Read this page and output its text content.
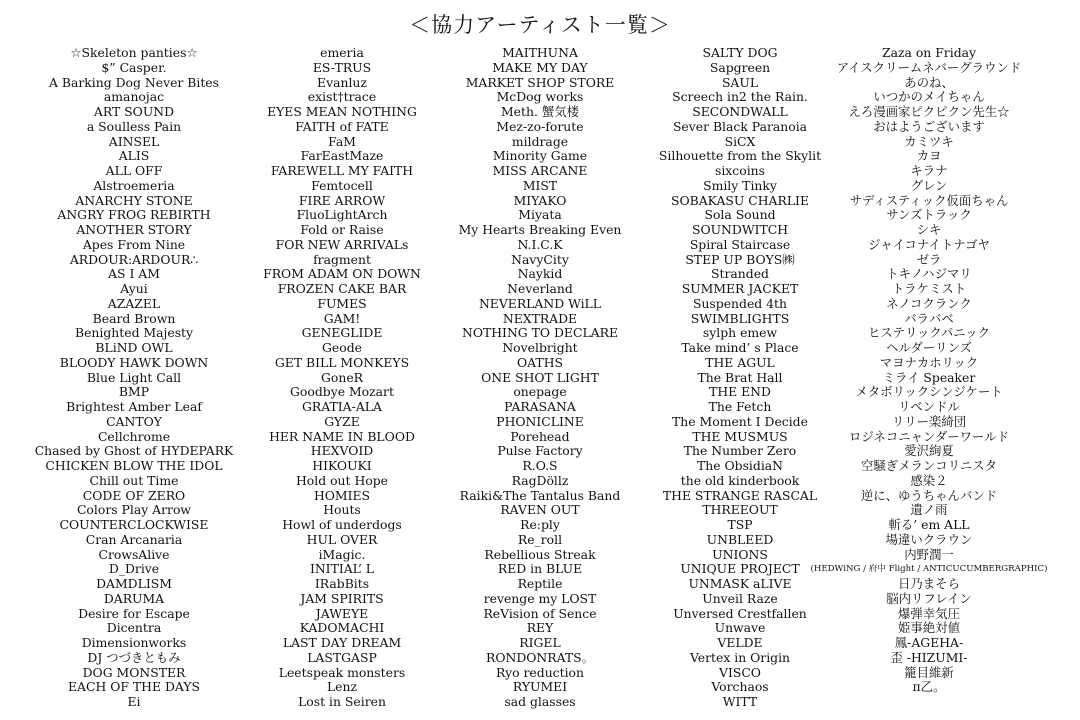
＜協力アーティスト一覧＞
☆Skeleton panties☆
$” Casper.
A Barking Dog Never Bites
amanojac
ART SOUND
a Soulless Pain
AINSEL
ALIS
ALL OFF
Alstroemeria
ANARCHY STONE
ANGRY FROG REBIRTH
ANOTHER STORY
Apes From Nine
ARDOUR:ARDOUR∴
AS I AM
Ayui
AZAZEL
Beard Brown
Benighted Majesty
BLiND OWL
BLOODY HAWK DOWN
Blue Light Call
BMP
Brightest Amber Leaf
CANTOY
Cellchrome
Chased by Ghost of HYDEPARK
CHICKEN BLOW THE IDOL
Chill out Time
CODE OF ZERO
Colors Play Arrow
COUNTERCLOCKWISE
Cran Arcanaria
CrowsAlive
D_Drive
DAMDLISM
DARUMA
Desire for Escape
Dicentra
Dimensionworks
DJ つづきともみ
DOG MONSTER
EACH OF THE DAYS
Ei
emeria
ES-TRUS
Evanluz
exist†trace
EYES MEAN NOTHING
FAITH of FATE
FaM
FarEastMaze
FAREWELL MY FAITH
Femtocell
FIRE ARROW
FluoLightArch
Fold or Raise
FOR NEW ARRIVALs
fragment
FROM ADAM ON DOWN
FROZEN CAKE BAR
FUMES
GAM!
GENEGLIDE
Geode
GET BILL MONKEYS
GoneR
Goodbye Mozart
GRATIA-ALA
GYZE
HER NAME IN BLOOD
HEXVOID
HIKOUKI
Hold out Hope
HOMIES
Houts
Howl of underdogs
HUL OVER
iMagic.
INITIAL’ L
IRabBits
JAM SPIRITS
JAWEYE
KADOMACHI
LAST DAY DREAM
LASTGASP
Leetspeak monsters
Lenz
Lost in Seiren
MAITHUNA
MAKE MY DAY
MARKET SHOP STORE
McDog works
Meth. 蟹気楼
Mez-zo-forute
mildrage
Minority Game
MISS ARCANE
MIST
MIYAKO
Miyata
My Hearts Breaking Even
N.I.C.K
NavyCity
Naykid
Neverland
NEVERLAND WiLL
NEXTRADE
NOTHING TO DECLARE
Novelbright
OATHS
ONE SHOT LIGHT
onepage
PARASANA
PHONICLINE
Porehead
Pulse Factory
R.O.S
RagDöllz
Raiki&The Tantalus Band
RAVEN OUT
Re:ply
Re_roll
Rebellious Streak
RED in BLUE
Reptile
revenge my LOST
ReVision of Sence
REY
RIGEL
RONDONRATS。
Ryo reduction
RYUMEI
sad glasses
SALTY DOG
Sapgreen
SAUL
Screech in2 the Rain.
SECONDWALL
Sever Black Paranoia
SiCX
Silhouette from the Skylit
sixcoins
Smily Tinky
SOBAKASU CHARLIE
Sola Sound
SOUNDWITCH
Spiral Staircase
STEP UP BOYS㈱
Stranded
SUMMER JACKET
Suspended 4th
SWIMBLIGHTS
sylph emew
Take mind’ s Place
THE AGUL
The Brat Hall
THE END
The Fetch
The Moment I Decide
THE MUSMUS
The Number Zero
The ObsidiaN
the old kinderbook
THE STRANGE RASCAL
THREEOUT
TSP
UNBLEED
UNIONS
UNIQUE PROJECT
UNMASK aLIVE
Unveil Raze
Unversed Crestfallen
Unwave
VELDE
Vertex in Origin
VISCO
Vorchaos
WITT
Zaza on Friday
アイスクリームネバーグラウンド
あのね、
いつかのメイちゃん
えろ漫画家ピクピクン先生☆
おはようございます
カミツキ
カヨ
キラナ
グレン
サディスティック仮面ちゃん
サンズトラック
シキ
ジャイコナイトナゴヤ
ゼラ
トキノハジマリ
トラケミスト
ネノコクランク
バラバベ
ヒステリックパニック
ヘルダーリンズ
マヨナカホリック
ミライ Speaker
メタボリックシンジケート
リベンドル
リリー楽綺団
ロジネコニャンダーワールド
愛沢絢夏
空騒ぎメランコリニスタ
感染２
逆に、ゆうちゃんバンド
遺ノ雨
斬る’ em ALL
場違いクラウン
内野潤一
(HEDWiNG / 府中 Flight / ANTICUCUMBERGRAPHIC)
日乃まそら
脳内リフレイン
爆弾幸気圧
姫事絶対値
鳳-AGEHA-
歪 -HIZUMI-
籠目維新
π乙。
